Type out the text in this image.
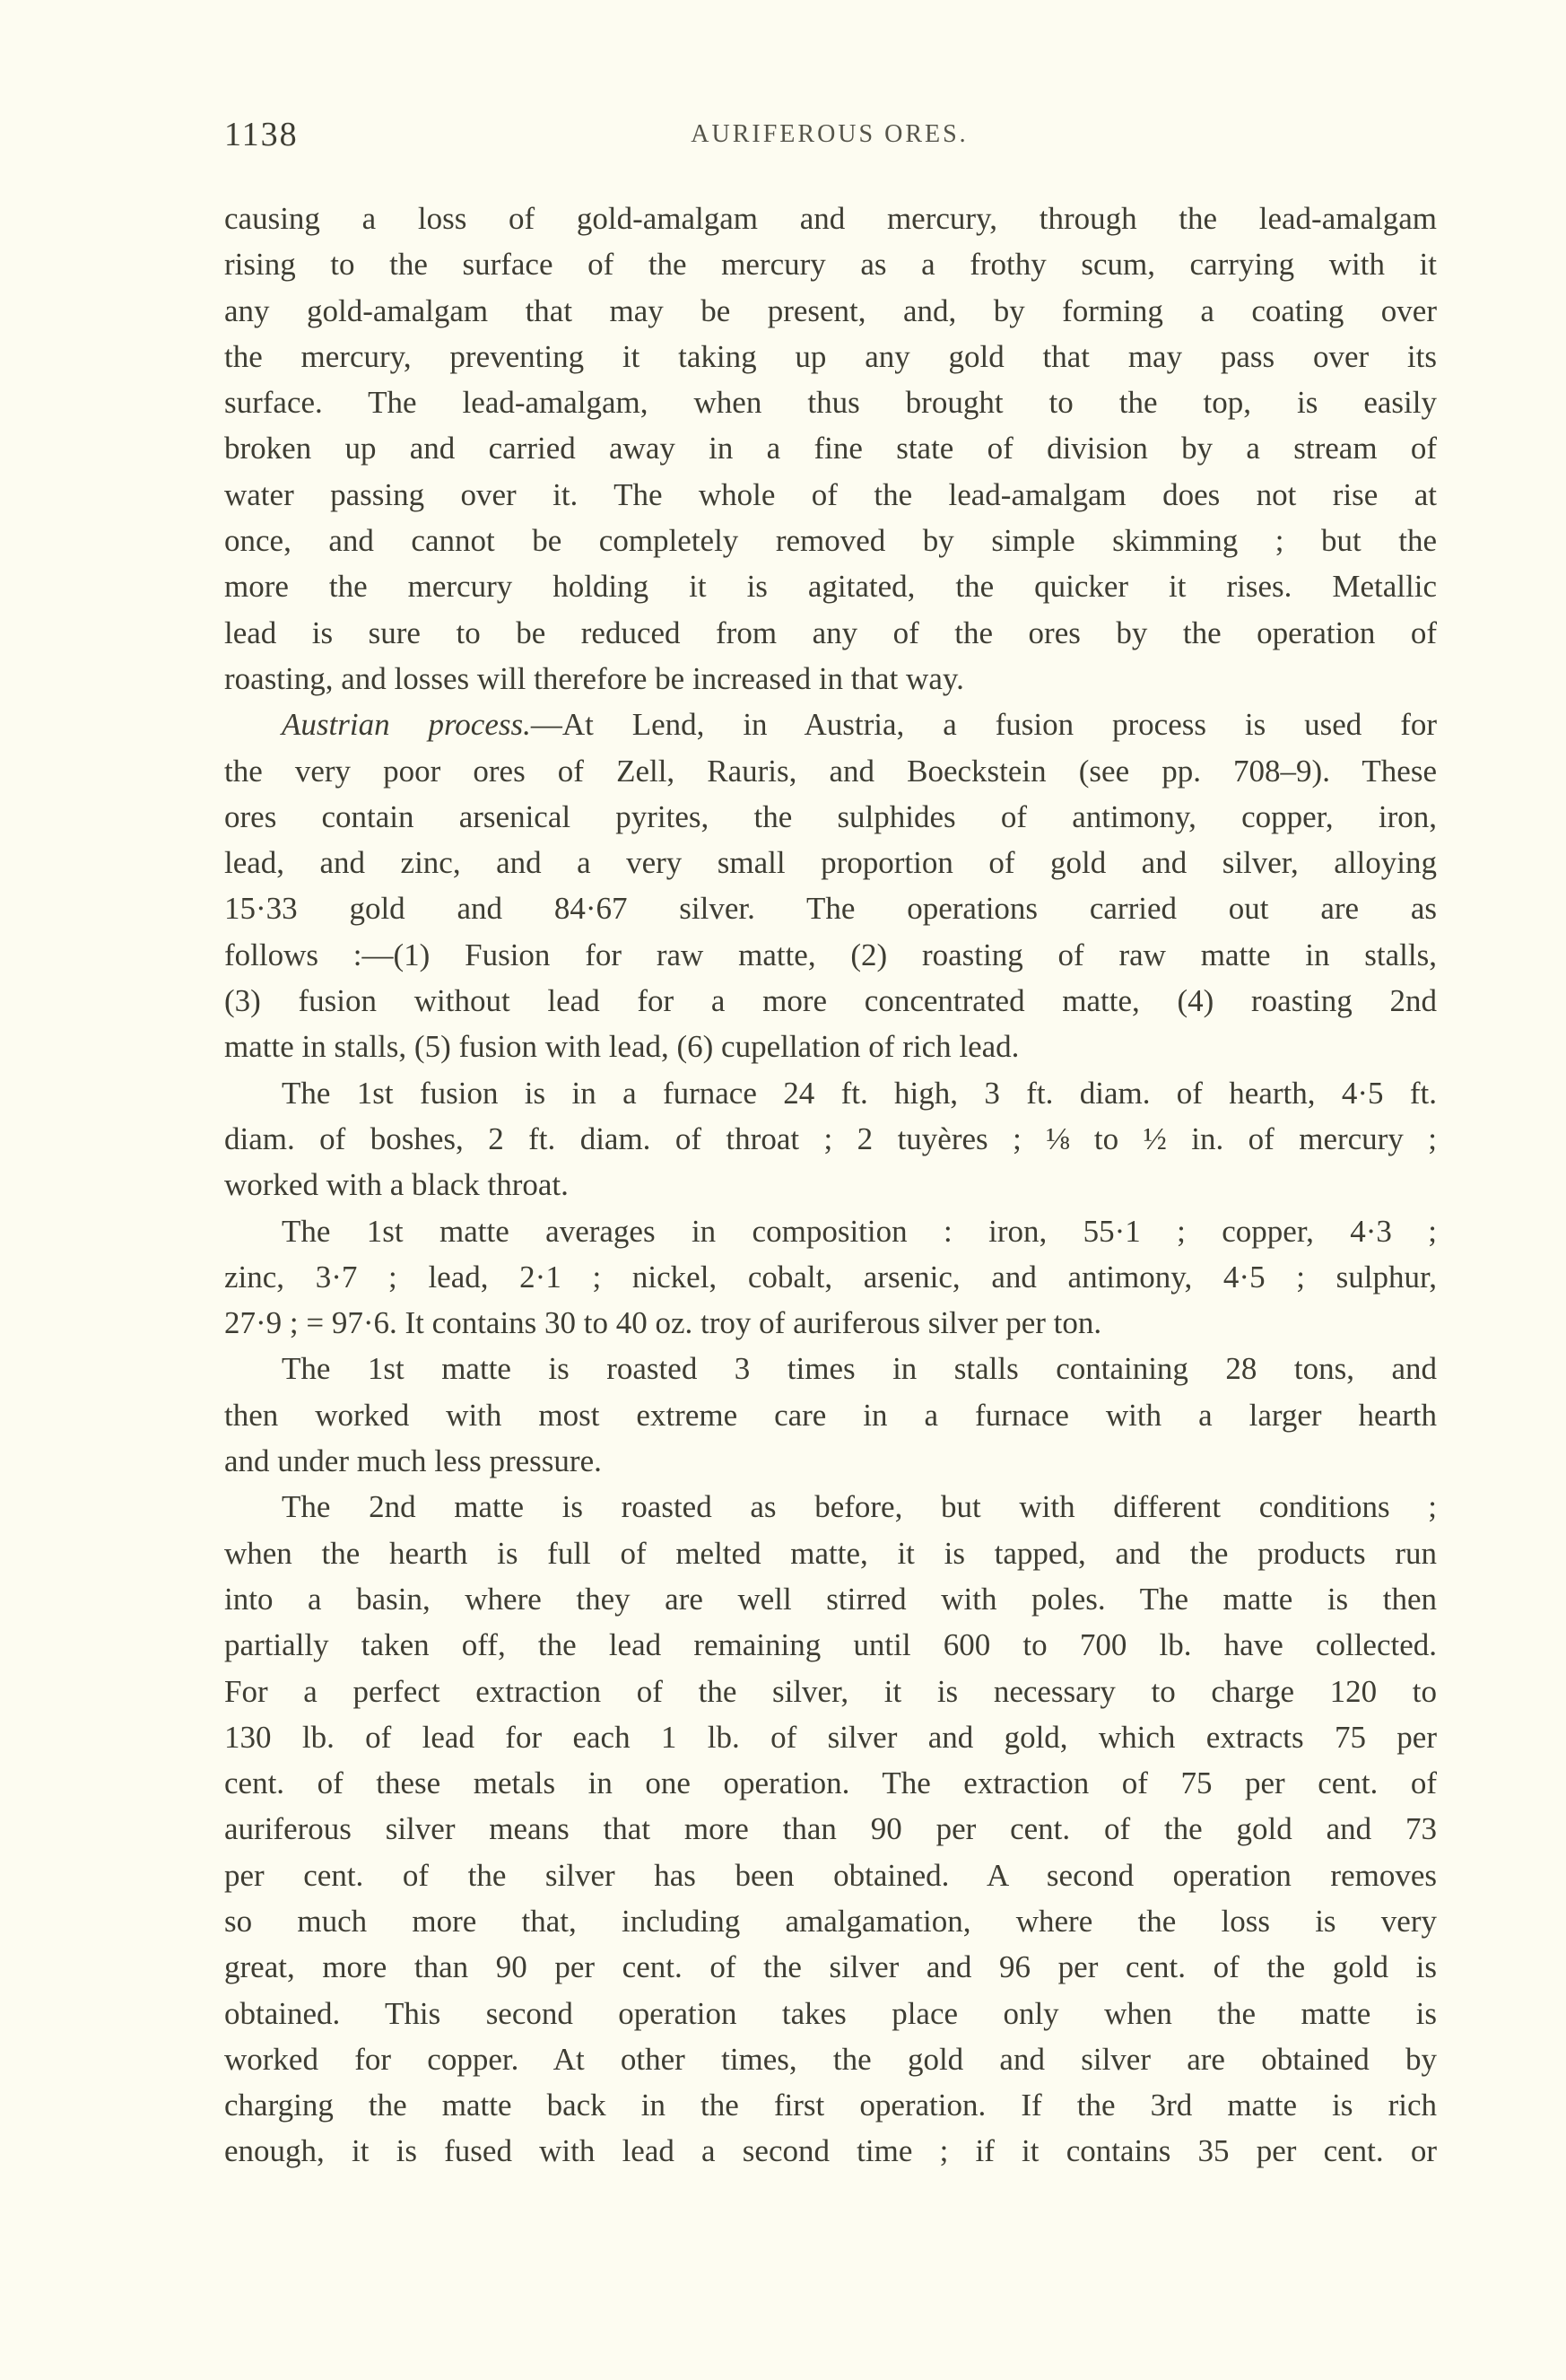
1138	AURIFEROUS ORES.
causing a loss of gold-amalgam and mercury, through the lead-amalgam
rising to the surface of the mercury as a frothy scum, carrying with it
any gold-amalgam that may be present, and, by forming a coating over
the mercury, preventing it taking up any gold that may pass over its
surface. The lead-amalgam, when thus brought to the top, is easily
broken up and carried away in a fine state of division by a stream of
water passing over it. The whole of the lead-amalgam does not rise at
once, and cannot be completely removed by simple skimming ; but the
more the mercury holding it is agitated, the quicker it rises. Metallic
lead is sure to be reduced from any of the ores by the operation of
roasting, and losses will therefore be increased in that way.
Austrian process.—At Lend, in Austria, a fusion process is used for
the very poor ores of Zell, Rauris, and Boeckstein (see pp. 708–9). These
ores contain arsenical pyrites, the sulphides of antimony, copper, iron,
lead, and zinc, and a very small proportion of gold and silver, alloying
15·33 gold and 84·67 silver. The operations carried out are as
follows :—(1) Fusion for raw matte, (2) roasting of raw matte in stalls,
(3) fusion without lead for a more concentrated matte, (4) roasting 2nd
matte in stalls, (5) fusion with lead, (6) cupellation of rich lead.
The 1st fusion is in a furnace 24 ft. high, 3 ft. diam. of hearth, 4·5 ft.
diam. of boshes, 2 ft. diam. of throat ; 2 tuyères ; ⅛ to ½ in. of mercury ;
worked with a black throat.
The 1st matte averages in composition : iron, 55·1 ; copper, 4·3 ;
zinc, 3·7 ; lead, 2·1 ; nickel, cobalt, arsenic, and antimony, 4·5 ; sulphur,
27·9 ; = 97·6. It contains 30 to 40 oz. troy of auriferous silver per ton.
The 1st matte is roasted 3 times in stalls containing 28 tons, and
then worked with most extreme care in a furnace with a larger hearth
and under much less pressure.
The 2nd matte is roasted as before, but with different conditions ;
when the hearth is full of melted matte, it is tapped, and the products run
into a basin, where they are well stirred with poles. The matte is then
partially taken off, the lead remaining until 600 to 700 lb. have collected.
For a perfect extraction of the silver, it is necessary to charge 120 to
130 lb. of lead for each 1 lb. of silver and gold, which extracts 75 per
cent. of these metals in one operation. The extraction of 75 per cent. of
auriferous silver means that more than 90 per cent. of the gold and 73
per cent. of the silver has been obtained. A second operation removes
so much more that, including amalgamation, where the loss is very
great, more than 90 per cent. of the silver and 96 per cent. of the gold is
obtained. This second operation takes place only when the matte is
worked for copper. At other times, the gold and silver are obtained by
charging the matte back in the first operation. If the 3rd matte is rich
enough, it is fused with lead a second time ; if it contains 35 per cent. or
